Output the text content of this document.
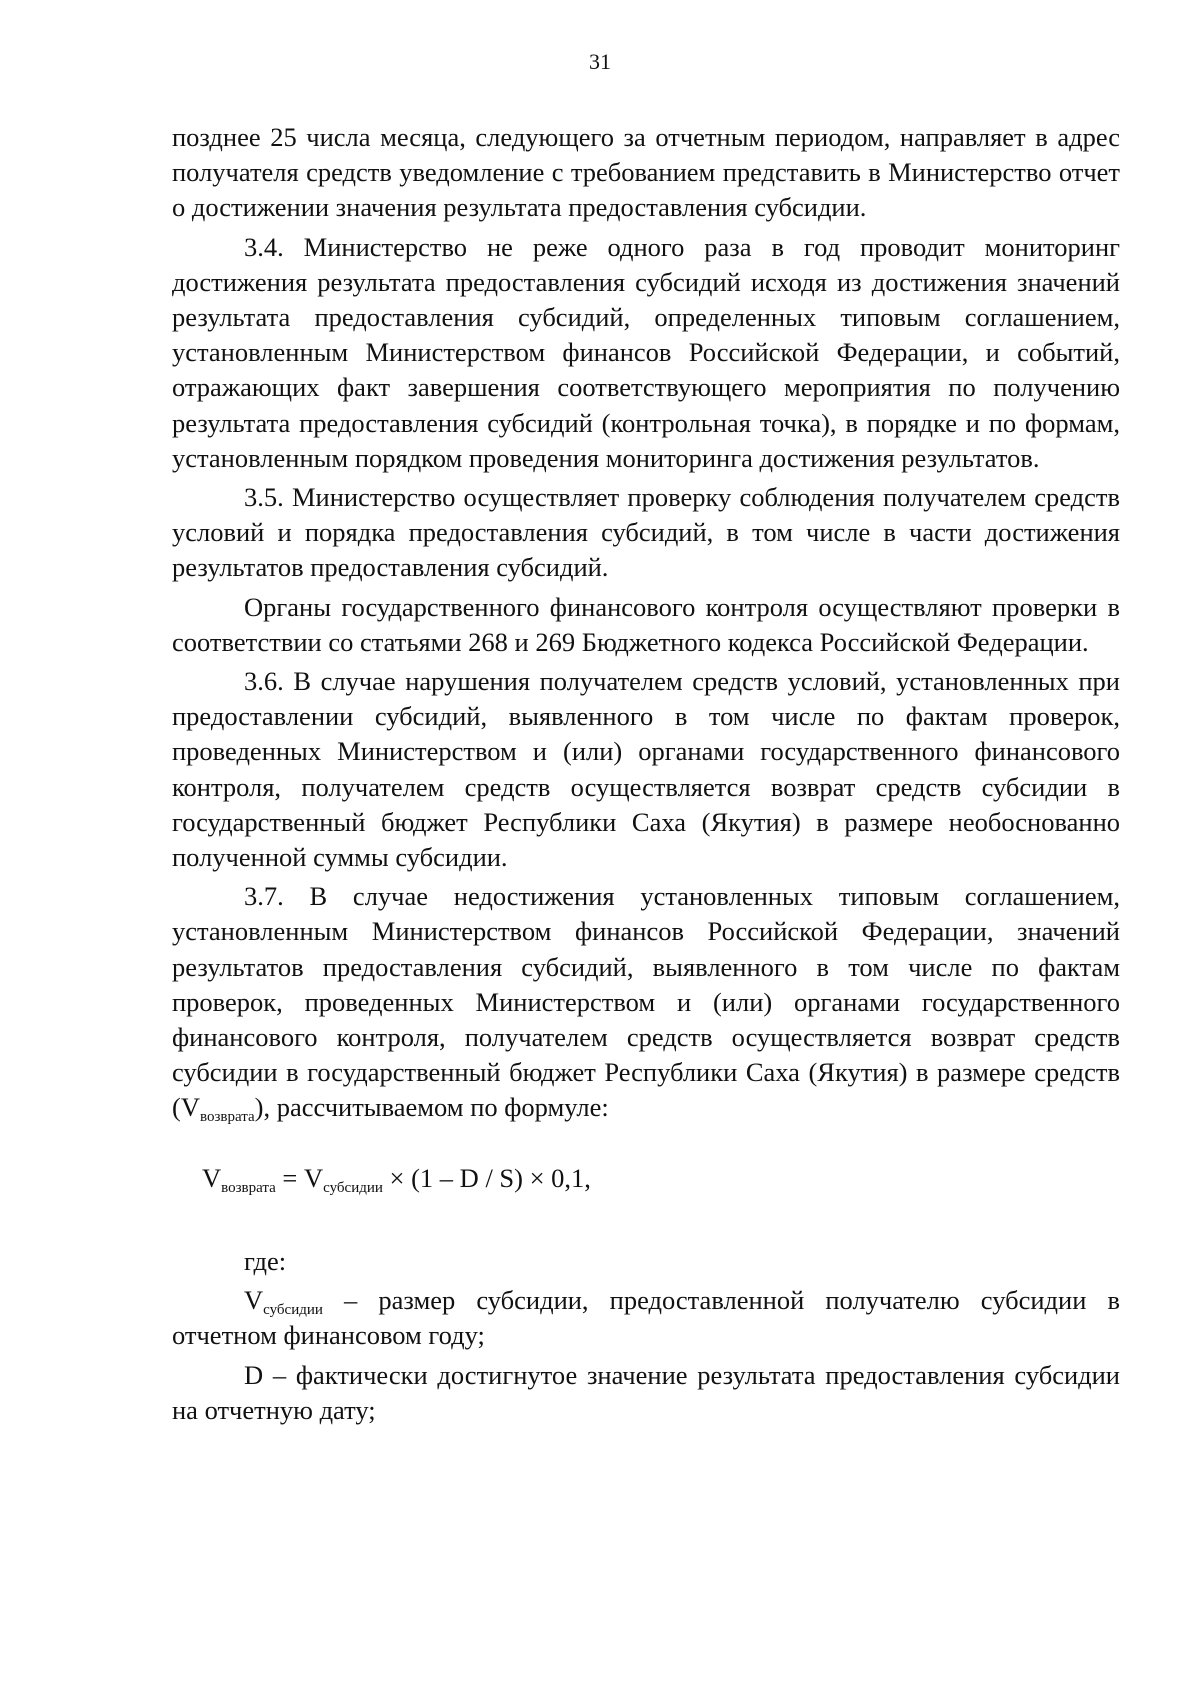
31

позднее 25 числа месяца, следующего за отчетным периодом, направляет в адрес получателя средств уведомление с требованием представить в Министерство отчет о достижении значения результата предоставления субсидии.

3.4. Министерство не реже одного раза в год проводит мониторинг достижения результата предоставления субсидий исходя из достижения значений результата предоставления субсидий, определенных типовым соглашением, установленным Министерством финансов Российской Федерации, и событий, отражающих факт завершения соответствующего мероприятия по получению результата предоставления субсидий (контрольная точка), в порядке и по формам, установленным порядком проведения мониторинга достижения результатов.

3.5. Министерство осуществляет проверку соблюдения получателем средств условий и порядка предоставления субсидий, в том числе в части достижения результатов предоставления субсидий.

Органы государственного финансового контроля осуществляют проверки в соответствии со статьями 268 и 269 Бюджетного кодекса Российской Федерации.

3.6. В случае нарушения получателем средств условий, установленных при предоставлении субсидий, выявленного в том числе по фактам проверок, проведенных Министерством и (или) органами государственного финансового контроля, получателем средств осуществляется возврат средств субсидии в государственный бюджет Республики Саха (Якутия) в размере необоснованно полученной суммы субсидии.

3.7. В случае недостижения установленных типовым соглашением, установленным Министерством финансов Российской Федерации, значений результатов предоставления субсидий, выявленного в том числе по фактам проверок, проведенных Министерством и (или) органами государственного финансового контроля, получателем средств осуществляется возврат средств субсидии в государственный бюджет Республики Саха (Якутия) в размере средств $(V_{возврата})$, рассчитываемом по формуле:

$V_{возврата} = V_{субсидии} \times (1 - D / S) \times 0,1$,

где:

$V_{субсидии}$ – размер субсидии, предоставленной получателю субсидии в отчетном финансовом году;

D – фактически достигнутое значение результата предоставления субсидии на отчетную дату;
